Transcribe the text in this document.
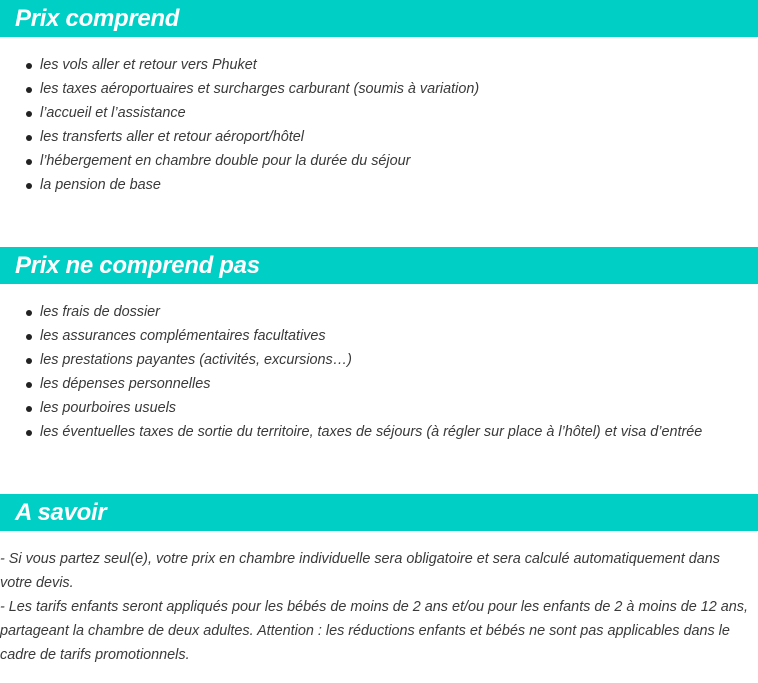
Prix comprend
les vols aller et retour vers Phuket
les taxes aéroportuaires et surcharges carburant (soumis à variation)
l’accueil et l’assistance
les transferts aller et retour aéroport/hôtel
l’hébergement en chambre double pour la durée du séjour
la pension de base
Prix ne comprend pas
les frais de dossier
les assurances complémentaires facultatives
les prestations payantes (activités, excursions…)
les dépenses personnelles
les pourboires usuels
les éventuelles taxes de sortie du territoire, taxes de séjours (à régler sur place à l’hôtel) et visa d’entrée
A savoir

- Si vous partez seul(e), votre prix en chambre individuelle sera obligatoire et sera calculé automatiquement dans votre devis.

- Les tarifs enfants seront appliqués pour les bébés de moins de 2 ans et/ou pour les enfants de 2 à moins de 12 ans, partageant la chambre de deux adultes. Attention : les réductions enfants et bébés ne sont pas applicables dans le cadre de tarifs promotionnels.
